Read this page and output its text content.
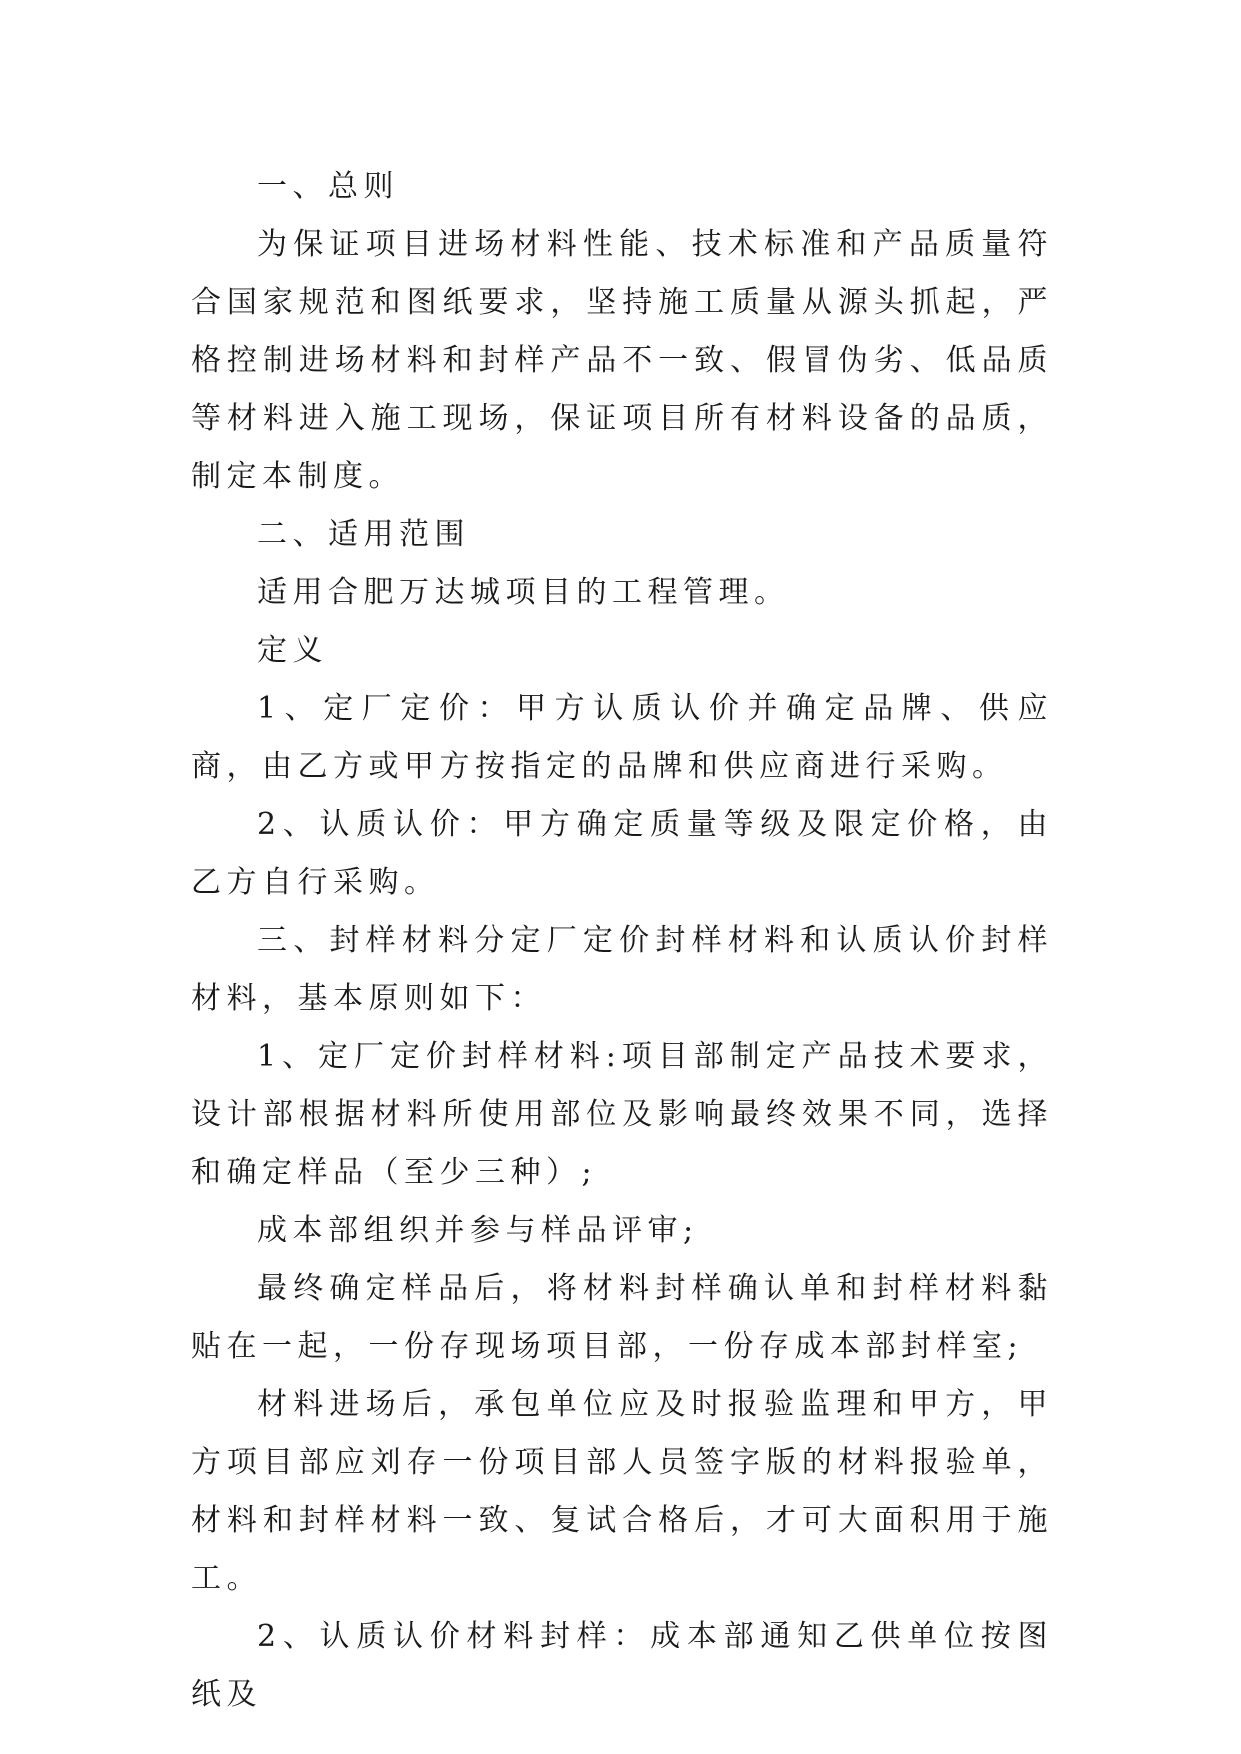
一、总则

为保证项目进场材料性能、技术标准和产品质量符合国家规范和图纸要求，坚持施工质量从源头抓起，严格控制进场材料和封样产品不一致、假冒伪劣、低品质等材料进入施工现场，保证项目所有材料设备的品质，制定本制度。

二、适用范围

适用合肥万达城项目的工程管理。

定义

1、定厂定价：甲方认质认价并确定品牌、供应商，由乙方或甲方按指定的品牌和供应商进行采购。

2、认质认价：甲方确定质量等级及限定价格，由乙方自行采购。

三、封样材料分定厂定价封样材料和认质认价封样材料，基本原则如下：

1、定厂定价封样材料:项目部制定产品技术要求，设计部根据材料所使用部位及影响最终效果不同，选择和确定样品（至少三种）;

成本部组织并参与样品评审;

最终确定样品后，将材料封样确认单和封样材料黏贴在一起，一份存现场项目部，一份存成本部封样室;

材料进场后，承包单位应及时报验监理和甲方，甲方项目部应刘存一份项目部人员签字版的材料报验单，材料和封样材料一致、复试合格后，才可大面积用于施工。

2、认质认价材料封样：成本部通知乙供单位按图纸及
